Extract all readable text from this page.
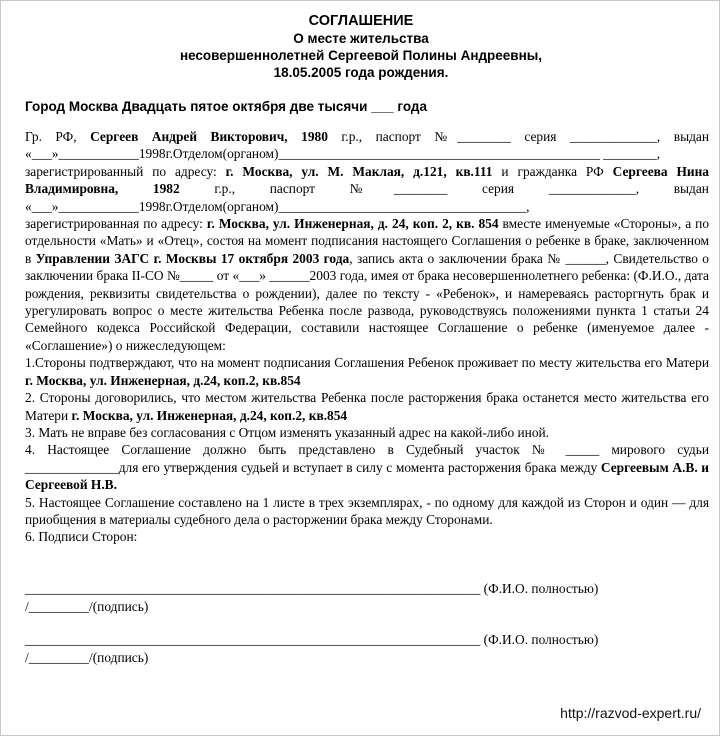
СОГЛАШЕНИЕ
О месте жительства
несовершеннолетней Сергеевой Полины Андреевны,
18.05.2005 года рождения.
Город Москва Двадцать пятое октября две тысячи ___ года

Гр. РФ, Сергеев Андрей Викторович, 1980 г.р., паспорт №________ серия _____________, выдан «___»____________1998г.Отделом(органом)________________________________________________ ________,

зарегистрированный по адресу: г. Москва, ул. М. Маклая, д.121, кв.111 и гражданка РФ Сергеева Нина Владимировна, 1982 г.р., паспорт №________ серия _____________, выдан «___»____________1998г.Отделом(органом)_____________________________________,

зарегистрированная по адресу: г. Москва, ул. Инженерная, д. 24, коп. 2, кв. 854 вместе именуемые «Стороны», а по отдельности «Мать» и «Отец», состоя на момент подписания настоящего Соглашения о ребенке в браке, заключенном в Управлении ЗАГС г. Москвы 17 октября 2003 года, запись акта о заключении брака № ______, Свидетельство о заключении брака II-СО №_____ от «___» ______2003 года, имея от брака несовершеннолетнего ребенка: (Ф.И.О., дата рождения, реквизиты свидетельства о рождении), далее по тексту - «Ребенок», и намереваясь расторгнуть брак и урегулировать вопрос о месте жительства Ребенка после развода, руководствуясь положениями пункта 1 статьи 24 Семейного кодекса Российской Федерации, составили настоящее Соглашение о ребенке (именуемое далее - «Соглашение») о нижеследующем:

1.Стороны подтверждают, что на момент подписания Соглашения Ребенок проживает по месту жительства его Матери г. Москва, ул. Инженерная, д.24, коп.2, кв.854

2. Стороны договорились, что местом жительства Ребенка после расторжения брака останется место жительства его Матери г. Москва, ул. Инженерная, д.24, коп.2, кв.854

3. Мать не вправе без согласования с Отцом изменять указанный адрес на какой-либо иной.

4. Настоящее Соглашение должно быть представлено в Судебный участок № _____ мирового судьи ______________для его утверждения судьей и вступает в силу с момента расторжения брака между Сергеевым А.В. и Сергеевой Н.В.

5. Настоящее Соглашение составлено на 1 листе в трех экземплярах, - по одному для каждой из Сторон и один — для приобщения в материалы судебного дела о расторжении брака между Сторонами.

6. Подписи Сторон:

____________________________________________________________________ (Ф.И.О. полностью)
/_________/(подпись)
____________________________________________________________________ (Ф.И.О. полностью)
/_________/(подпись)
http://razvod-expert.ru/
